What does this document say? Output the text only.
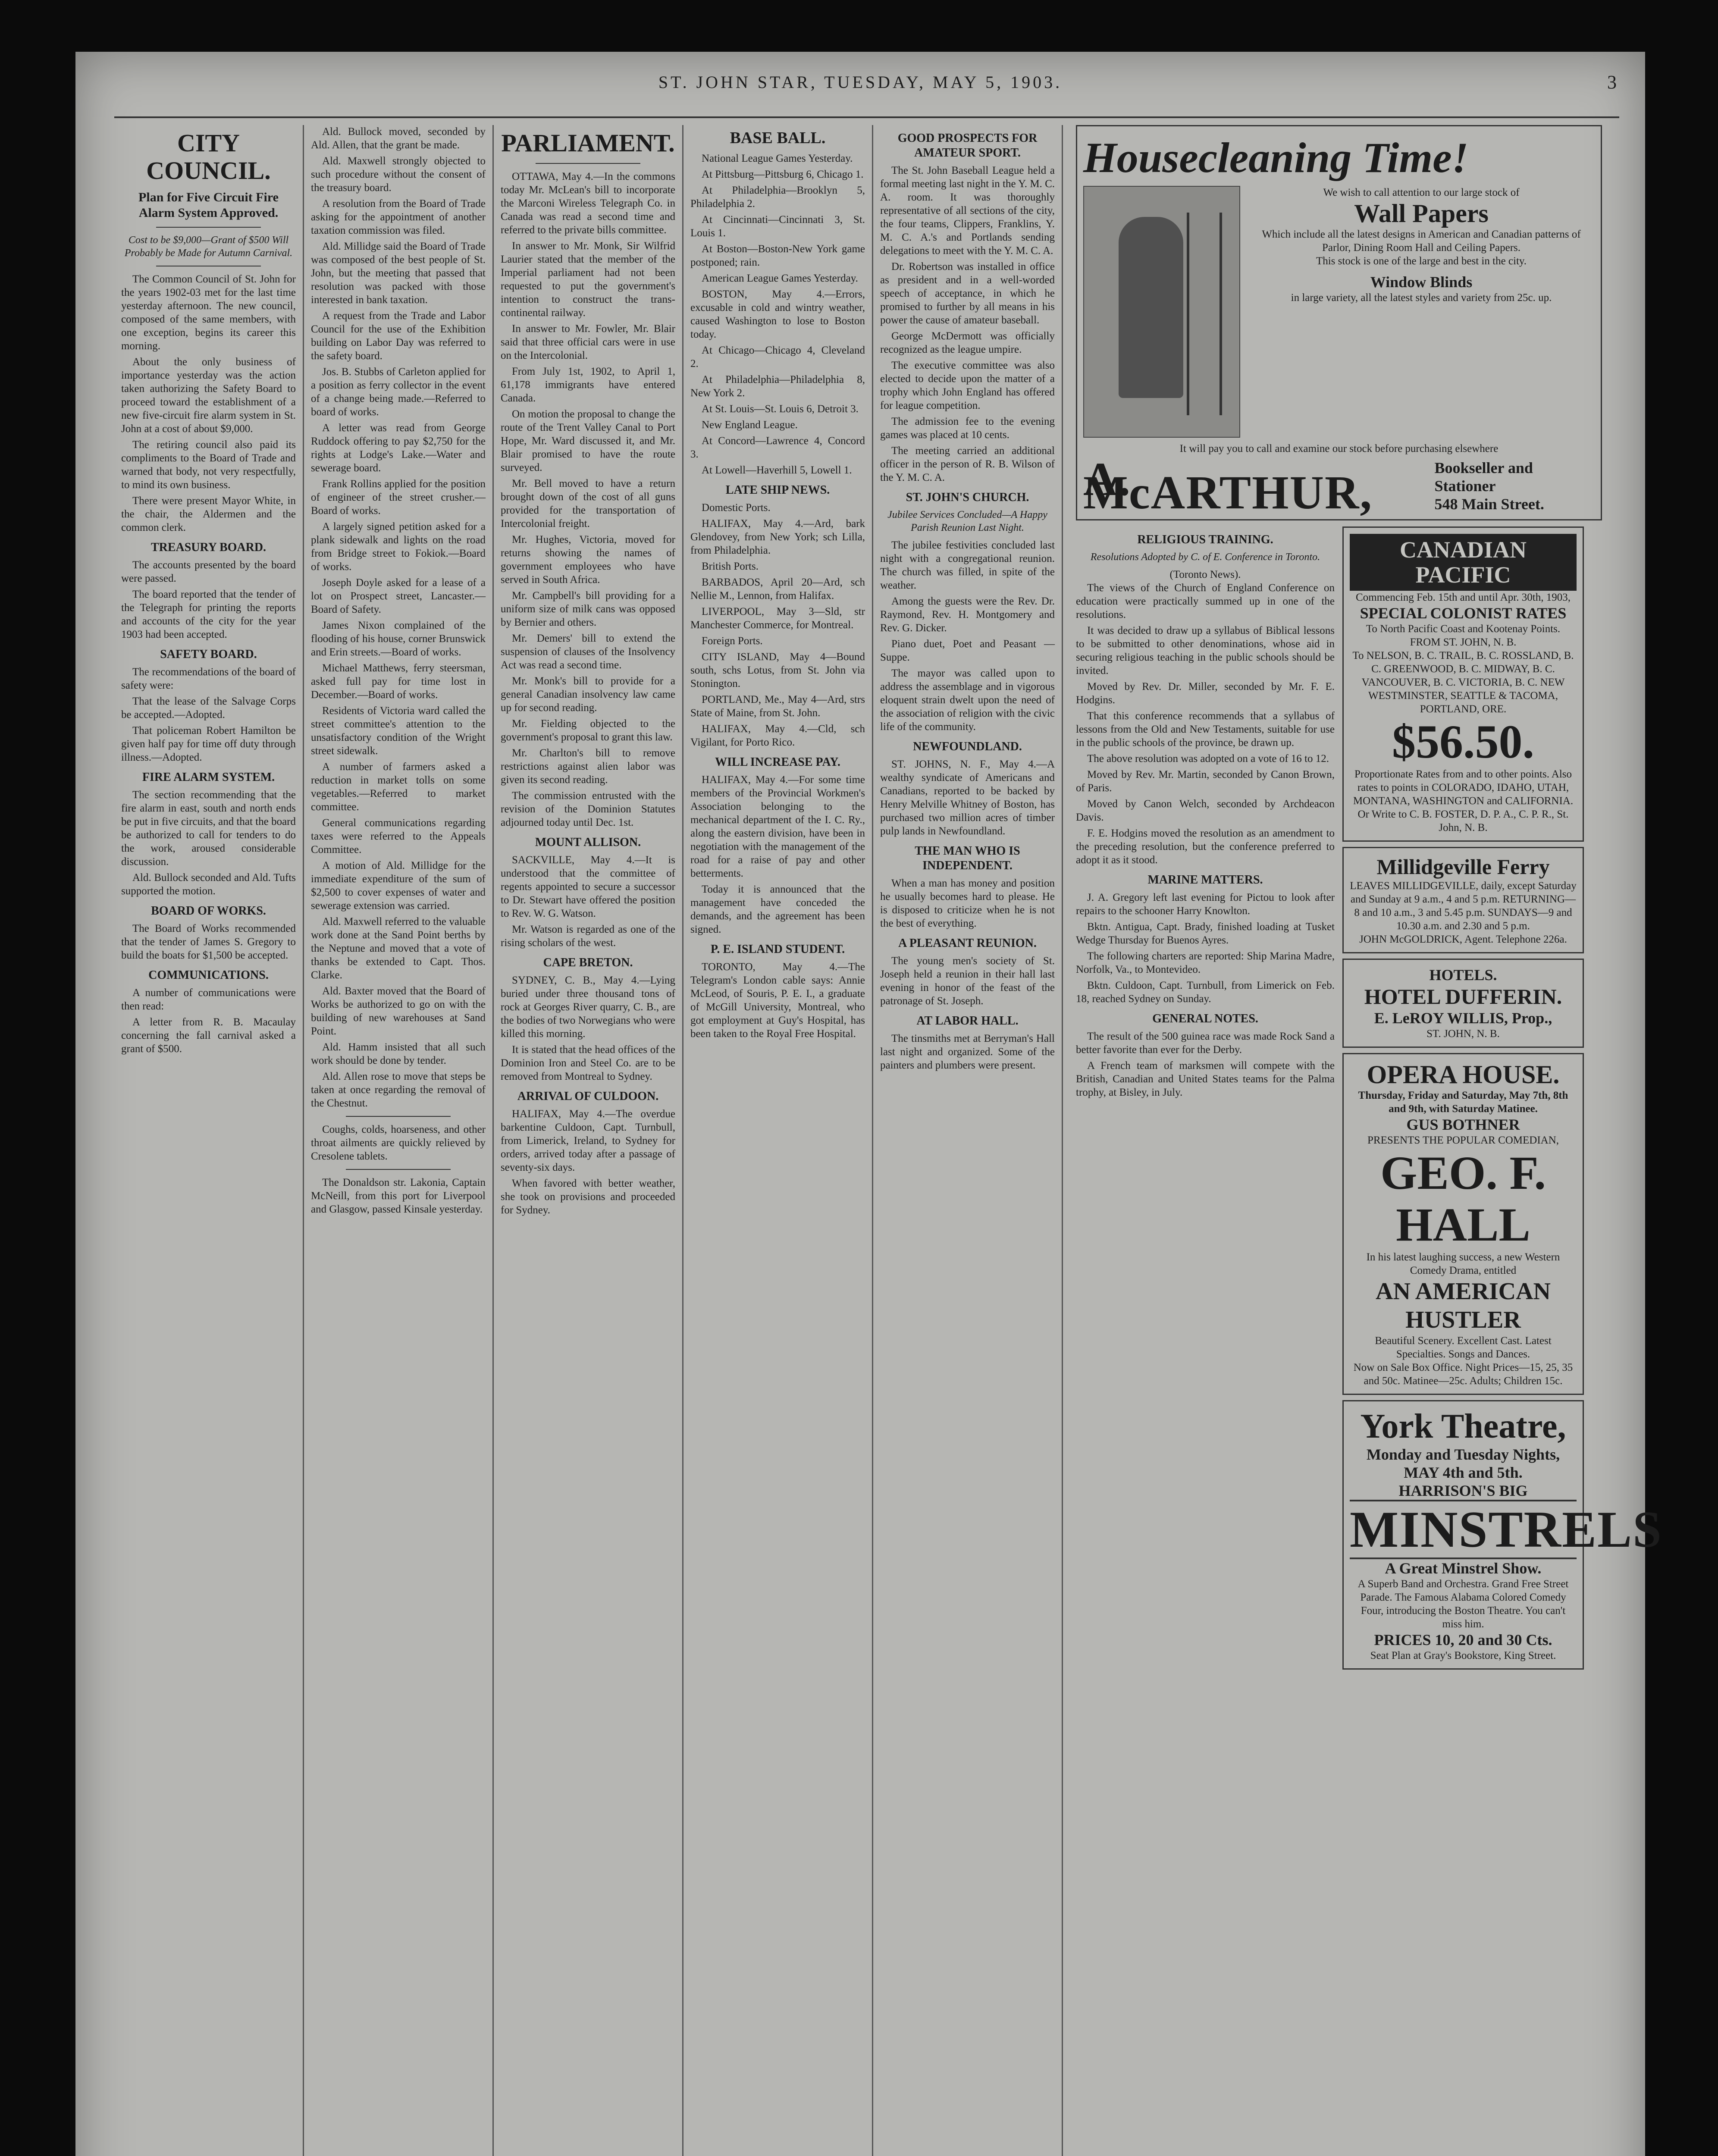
ST. JOHN STAR, TUESDAY, MAY 5, 1903.	3
CITY COUNCIL.
Plan for Five Circuit Fire Alarm System Approved.
Cost to be $9,000—Grant of $500 Will Probably be Made for Autumn Carnival.

The Common Council of St. John for the years 1902-03 met for the last time yesterday afternoon. The new council, composed of the same members, with one exception, begins its career this morning.

About the only business of importance yesterday was the action taken authorizing the Safety Board to proceed toward the establishment of a new five-circuit fire alarm system in St. John at a cost of about $9,000.

The retiring council also paid its compliments to the Board of Trade and warned that body, not very respectfully, to mind its own business.

There were present Mayor White, in the chair, the Aldermen and the common clerk.

TREASURY BOARD.

The accounts presented by the board were passed.

The board reported that the tender of the Telegraph for printing the reports and accounts of the city for the year 1903 had been accepted.

SAFETY BOARD.

The recommendations of the board of safety were:

That the lease of the Salvage Corps be accepted.—Adopted.

That policeman Robert Hamilton be given half pay for time off duty through illness.—Adopted.

FIRE ALARM SYSTEM.

The section recommending that the fire alarm in east, south and north ends be put in five circuits, and that the board be authorized to call for tenders to do the work, aroused considerable discussion.

Ald. Bullock seconded and Ald. Tufts supported the motion.

BOARD OF WORKS.

The Board of Works recommended that the tender of James S. Gregory to build the boats for $1,500 be accepted.

COMMUNICATIONS.

A number of communications were then read:

A letter from R. B. Macaulay concerning the fall carnival asked a grant of $500.

Ald. Bullock moved, seconded by Ald. Allen, that the grant be made.

Ald. Maxwell strongly objected to such procedure without the consent of the treasury board.

A resolution from the Board of Trade asking for the appointment of another taxation commission was filed.

Ald. Millidge said the Board of Trade was composed of the best people of St. John, but the meeting that passed that resolution was packed with those interested in bank taxation.

A request from the Trade and Labor Council for the use of the Exhibition building on Labor Day was referred to the safety board.

Jos. B. Stubbs of Carleton applied for a position as ferry collector in the event of a change being made.—Referred to board of works.

A letter was read from George Ruddock offering to pay $2,750 for the rights at Lodge's Lake.—Water and sewerage board.

Frank Rollins applied for the position of engineer of the street crusher.—Board of works.

A largely signed petition asked for a plank sidewalk and lights on the road from Bridge street to Fokiok.—Board of works.

Joseph Doyle asked for a lease of a lot on Prospect street, Lancaster.—Board of Safety.

James Nixon complained of the flooding of his house, corner Brunswick and Erin streets.—Board of works.

Michael Matthews, ferry steersman, asked full pay for time lost in December.—Board of works.

Residents of Victoria ward called the street committee's attention to the unsatisfactory condition of the Wright street sidewalk.

A number of farmers asked a reduction in market tolls on some vegetables.—Referred to market committee.

General communications regarding taxes were referred to the Appeals Committee.

A motion of Ald. Millidge for the immediate expenditure of the sum of $2,500 to cover expenses of water and sewerage extension was carried.

Ald. Maxwell referred to the valuable work done at the Sand Point berths by the Neptune and moved that a vote of thanks be extended to Capt. Thos. Clarke.

Ald. Baxter moved that the Board of Works be authorized to go on with the building of new warehouses at Sand Point.

Ald. Hamm insisted that all such work should be done by tender.

Ald. Allen rose to move that steps be taken at once regarding the removal of the Chestnut.

Coughs, colds, hoarseness, and other throat ailments are quickly relieved by Cresolene tablets.

The Donaldson str. Lakonia, Captain McNeill, from this port for Liverpool and Glasgow, passed Kinsale yesterday.

PARLIAMENT.

OTTAWA, May 4.—In the commons today Mr. McLean's bill to incorporate the Marconi Wireless Telegraph Co. in Canada was read a second time and referred to the private bills committee.

In answer to Mr. Monk, Sir Wilfrid Laurier stated that the member of the Imperial parliament had not been requested to put the government's intention to construct the trans-continental railway.

In answer to Mr. Fowler, Mr. Blair said that three official cars were in use on the Intercolonial.

From July 1st, 1902, to April 1, 61,178 immigrants have entered Canada.

On motion the proposal to change the route of the Trent Valley Canal to Port Hope, Mr. Ward discussed it, and Mr. Blair promised to have the route surveyed.

Mr. Bell moved to have a return brought down of the cost of all guns provided for the transportation of Intercolonial freight.

Mr. Hughes, Victoria, moved for returns showing the names of government employees who have served in South Africa.

Mr. Campbell's bill providing for a uniform size of milk cans was opposed by Bernier and others.

Mr. Demers' bill to extend the suspension of clauses of the Insolvency Act was read a second time.

Mr. Monk's bill to provide for a general Canadian insolvency law came up for second reading.

Mr. Fielding objected to the government's proposal to grant this law.

Mr. Charlton's bill to remove restrictions against alien labor was given its second reading.

The commission entrusted with the revision of the Dominion Statutes adjourned today until Dec. 1st.

MOUNT ALLISON.

SACKVILLE, May 4.—It is understood that the committee of regents appointed to secure a successor to Dr. Stewart have offered the position to Rev. W. G. Watson.

Mr. Watson is regarded as one of the rising scholars of the west.

CAPE BRETON.

SYDNEY, C. B., May 4.—Lying buried under three thousand tons of rock at Georges River quarry, C. B., are the bodies of two Norwegians who were killed this morning.

It is stated that the head offices of the Dominion Iron and Steel Co. are to be removed from Montreal to Sydney.

ARRIVAL OF CULDOON.

HALIFAX, May 4.—The overdue barkentine Culdoon, Capt. Turnbull, from Limerick, Ireland, to Sydney for orders, arrived today after a passage of seventy-six days.

When favored with better weather, she took on provisions and proceeded for Sydney.

BASE BALL.

National League Games Yesterday.

At Pittsburg—Pittsburg 6, Chicago 1.

At Philadelphia—Brooklyn 5, Philadelphia 2.

At Cincinnati—Cincinnati 3, St. Louis 1.

At Boston—Boston-New York game postponed; rain.

American League Games Yesterday.

BOSTON, May 4.—Errors, excusable in cold and wintry weather, caused Washington to lose to Boston today.

At Chicago—Chicago 4, Cleveland 2.

At Philadelphia—Philadelphia 8, New York 2.

At St. Louis—St. Louis 6, Detroit 3.

New England League.

At Concord—Lawrence 4, Concord 3.

At Lowell—Haverhill 5, Lowell 1.

LATE SHIP NEWS.

Domestic Ports.

HALIFAX, May 4.—Ard, bark Glendovey, from New York; sch Lilla, from Philadelphia.

British Ports.

BARBADOS, April 20—Ard, sch Nellie M., Lennon, from Halifax.

LIVERPOOL, May 3—Sld, str Manchester Commerce, for Montreal.

Foreign Ports.

CITY ISLAND, May 4—Bound south, schs Lotus, from St. John via Stonington.

PORTLAND, Me., May 4—Ard, strs State of Maine, from St. John.

HALIFAX, May 4.—Cld, sch Vigilant, for Porto Rico.

WILL INCREASE PAY.

HALIFAX, May 4.—For some time members of the Provincial Workmen's Association belonging to the mechanical department of the I. C. Ry., along the eastern division, have been in negotiation with the management of the road for a raise of pay and other betterments.

Today it is announced that the management have conceded the demands, and the agreement has been signed.

P. E. ISLAND STUDENT.

TORONTO, May 4.—The Telegram's London cable says: Annie McLeod, of Souris, P. E. I., a graduate of McGill University, Montreal, who got employment at Guy's Hospital, has been taken to the Royal Free Hospital.

GOOD PROSPECTS FOR AMATEUR SPORT.

The St. John Baseball League held a formal meeting last night in the Y. M. C. A. room. It was thoroughly representative of all sections of the city, the four teams, Clippers, Franklins, Y. M. C. A.'s and Portlands sending delegations to meet with the Y. M. C. A.

Dr. Robertson was installed in office as president and in a well-worded speech of acceptance, in which he promised to further by all means in his power the cause of amateur baseball.

George McDermott was officially recognized as the league umpire.

The executive committee was also elected to decide upon the matter of a trophy which John England has offered for league competition.

The admission fee to the evening games was placed at 10 cents.

The meeting carried an additional officer in the person of R. B. Wilson of the Y. M. C. A.

ST. JOHN'S CHURCH.
Jubilee Services Concluded—A Happy Parish Reunion Last Night.

The jubilee festivities concluded last night with a congregational reunion. The church was filled, in spite of the weather.

Among the guests were the Rev. Dr. Raymond, Rev. H. Montgomery and Rev. G. Dicker.

Piano duet, Poet and Peasant — Suppe.

The mayor was called upon to address the assemblage and in vigorous eloquent strain dwelt upon the need of the association of religion with the civic life of the community.

NEWFOUNDLAND.

ST. JOHNS, N. F., May 4.—A wealthy syndicate of Americans and Canadians, reported to be backed by Henry Melville Whitney of Boston, has purchased two million acres of timber pulp lands in Newfoundland.

THE MAN WHO IS INDEPENDENT.

When a man has money and position he usually becomes hard to please. He is disposed to criticize when he is not the best of everything.

A PLEASANT REUNION.

The young men's society of St. Joseph held a reunion in their hall last evening in honor of the feast of the patronage of St. Joseph.

AT LABOR HALL.

The tinsmiths met at Berryman's Hall last night and organized. Some of the painters and plumbers were present.

Housecleaning Time!
We wish to call attention to our large stock of
Wall Papers
Which include all the latest designs in American and Canadian patterns of Parlor, Dining Room Hall and Ceiling Papers.
This stock is one of the large and best in the city.
Window Blinds
in large variety, all the latest styles and variety from 25c. up.
It will pay you to call and examine our stock before purchasing elsewhere
A. McARTHUR,	Bookseller and Stationer
548 Main Street.
RELIGIOUS TRAINING.
Resolutions Adopted by C. of E. Conference in Toronto.
(Toronto News).

The views of the Church of England Conference on education were practically summed up in one of the resolutions.

It was decided to draw up a syllabus of Biblical lessons to be submitted to other denominations, whose aid in securing religious teaching in the public schools should be invited.

Moved by Rev. Dr. Miller, seconded by Mr. F. E. Hodgins.

That this conference recommends that a syllabus of lessons from the Old and New Testaments, suitable for use in the public schools of the province, be drawn up.

The above resolution was adopted on a vote of 16 to 12.

Moved by Rev. Mr. Martin, seconded by Canon Brown, of Paris.

Moved by Canon Welch, seconded by Archdeacon Davis.

F. E. Hodgins moved the resolution as an amendment to the preceding resolution, but the conference preferred to adopt it as it stood.

MARINE MATTERS.

J. A. Gregory left last evening for Pictou to look after repairs to the schooner Harry Knowlton.

Bktn. Antigua, Capt. Brady, finished loading at Tusket Wedge Thursday for Buenos Ayres.

The following charters are reported: Ship Marina Madre, Norfolk, Va., to Montevideo.

Bktn. Culdoon, Capt. Turnbull, from Limerick on Feb. 18, reached Sydney on Sunday.

GENERAL NOTES.

The result of the 500 guinea race was made Rock Sand a better favorite than ever for the Derby.

A French team of marksmen will compete with the British, Canadian and United States teams for the Palma trophy, at Bisley, in July.

CANADIAN PACIFIC
Commencing Feb. 15th and until Apr. 30th, 1903,
SPECIAL COLONIST RATES
To North Pacific Coast and Kootenay Points.
FROM ST. JOHN, N. B.
To NELSON, B. C. TRAIL, B. C. ROSSLAND, B. C. GREENWOOD, B. C. MIDWAY, B. C. VANCOUVER, B. C. VICTORIA, B. C. NEW WESTMINSTER, SEATTLE & TACOMA, PORTLAND, ORE.
$56.50.
Proportionate Rates from and to other points. Also rates to points in COLORADO, IDAHO, UTAH, MONTANA, WASHINGTON and CALIFORNIA.
Or Write to C. B. FOSTER, D. P. A., C. P. R., St. John, N. B.
Millidgeville Ferry
LEAVES MILLIDGEVILLE, daily, except Saturday and Sunday at 9 a.m., 4 and 5 p.m. RETURNING—8 and 10 a.m., 3 and 5.45 p.m. SUNDAYS—9 and 10.30 a.m. and 2.30 and 5 p.m.
JOHN McGOLDRICK, Agent. Telephone 226a.
HOTELS.
HOTEL DUFFERIN.
E. LeROY WILLIS, Prop.,
ST. JOHN, N. B.
OPERA HOUSE.
Thursday, Friday and Saturday, May 7th, 8th and 9th, with Saturday Matinee.
GUS BOTHNER
PRESENTS THE POPULAR COMEDIAN,
GEO. F. HALL
In his latest laughing success, a new Western Comedy Drama, entitled
AN AMERICAN HUSTLER
Beautiful Scenery. Excellent Cast. Latest Specialties. Songs and Dances.
Now on Sale Box Office. Night Prices—15, 25, 35 and 50c. Matinee—25c. Adults; Children 15c.
York Theatre,
Monday and Tuesday Nights, MAY 4th and 5th.
HARRISON'S BIG
MINSTRELS
A Great Minstrel Show.
A Superb Band and Orchestra. Grand Free Street Parade. The Famous Alabama Colored Comedy Four, introducing the Boston Theatre. You can't miss him.
PRICES 10, 20 and 30 Cts.
Seat Plan at Gray's Bookstore, King Street.
